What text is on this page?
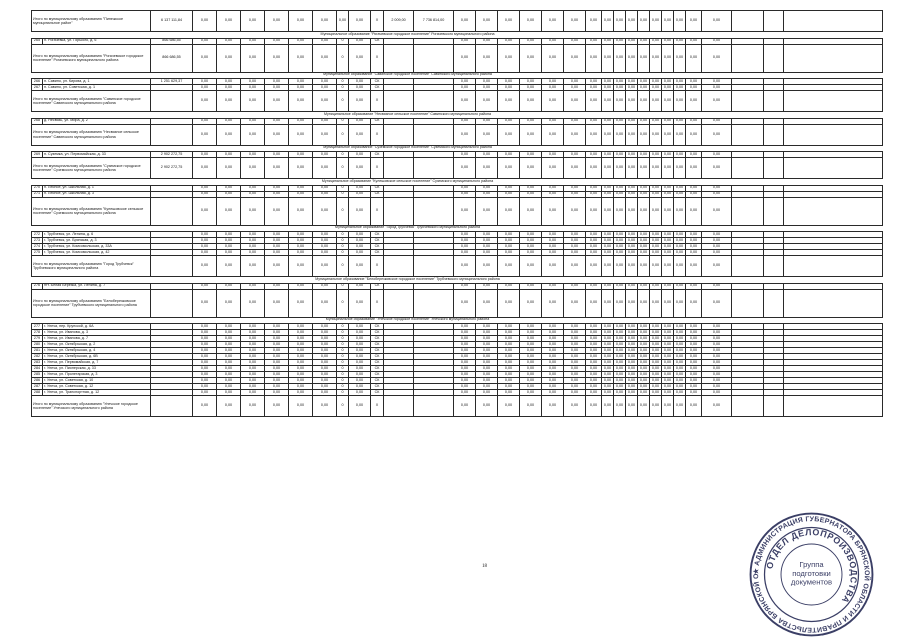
Итого по муниципальному образованию "Пинежское муниципальное район"		6 137 111,84	0,00	0,00	0,00	0,00	0,00	0,00	0,00	0,00	X	2 009,00	7 736 814,00	0,00	0,00	0,00	0,00	0,00	0,00	0,00	0,00	0,00	0,00	0,00	0,00	0,00	0,00	0,00	0,00			
Муниципальное образование "Рогачевское городское поселение" Рогачевского муниципального района																																
265	п. Рогачевка, ул. Горького, д. 6	866 686,55	0,00	0,00	0,00	0,00	0,00	0,00	0	0,00	СК			0,00	0,00	0,00	0,00	0,00	0,00	0,00	0,00	0,00	0,00	0,00	0,00	0,00	0,00	0,00	0,00			
Итого по муниципальному образованию "Рогачевское городское поселение" Рогачевского муниципального района		866 686,55	0,00	0,00	0,00	0,00	0,00	0,00	0	0,00	X			0,00	0,00	0,00	0,00	0,00	0,00	0,00	0,00	0,00	0,00	0,00	0,00	0,00	0,00	0,00	0,00			
Муниципальное образование "Савинское городское поселение" Савинского муниципального района																																
266	п. Савино, ул. Кирова, д. 1	1 251 629,37	0,00	0,00	0,00	0,00	0,00	0,00	0	0,00	СК			0,00	0,00	0,00	0,00	0,00	0,00	0,00	0,00	0,00	0,00	0,00	0,00	0,00	0,00	0,00	0,00			
267	п. Савино, ул. Советская, д. 1		0,00	0,00	0,00	0,00	0,00	0,00	0	0,00	СК			0,00	0,00	0,00	0,00	0,00	0,00	0,00	0,00	0,00	0,00	0,00	0,00	0,00	0,00	0,00	0,00			
Итого по муниципальному образованию "Савинское городское поселение" Савинского муниципального района			0,00	0,00	0,00	0,00	0,00	0,00	0	0,00	X			0,00	0,00	0,00	0,00	0,00	0,00	0,00	0,00	0,00	0,00	0,00	0,00	0,00	0,00	0,00	0,00			
Муниципальное образование "Несвязное сельское поселение" Савинского муниципального района																																
268	д. Несвязь, ул. Мира, д. 2		0,00	0,00	0,00	0,00	0,00	0,00	0	0,00	СК			0,00	0,00	0,00	0,00	0,00	0,00	0,00	0,00	0,00	0,00	0,00	0,00	0,00	0,00	0,00	0,00			
Итого по муниципальному образованию "Несвязное сельское поселение" Савинского муниципального района			0,00	0,00	0,00	0,00	0,00	0,00	0	0,00	X			0,00	0,00	0,00	0,00	0,00	0,00	0,00	0,00	0,00	0,00	0,00	0,00	0,00	0,00	0,00	0,00			
Муниципальное образование "Суземское городское поселение" Суземского муниципального района																																
269	п. Суземка, ул. Первомайская, д. 33	2 902 272,75	0,00	0,00	0,00	0,00	0,00	0,00	0	0,00	СК			0,00	0,00	0,00	0,00	0,00	0,00	0,00	0,00	0,00	0,00	0,00	0,00	0,00	0,00	0,00	0,00			
Итого по муниципальному образованию "Суземское городское поселение" Суземского муниципального района		2 902 272,75	0,00	0,00	0,00	0,00	0,00	0,00	0	0,00	X			0,00	0,00	0,00	0,00	0,00	0,00	0,00	0,00	0,00	0,00	0,00	0,00	0,00	0,00	0,00	0,00			
Муниципальное образование "Кулешовское сельское поселение" Суземского муниципального района																																
270	п. Лесное, ул. Школьная, д. 1		0,00	0,00	0,00	0,00	0,00	0,00	0	0,00	СК			0,00	0,00	0,00	0,00	0,00	0,00	0,00	0,00	0,00	0,00	0,00	0,00	0,00	0,00	0,00	0,00			
271	п. Лесное, ул. Школьная, д. 3		0,00	0,00	0,00	0,00	0,00	0,00	0	0,00	СК			0,00	0,00	0,00	0,00	0,00	0,00	0,00	0,00	0,00	0,00	0,00	0,00	0,00	0,00	0,00	0,00			
Итого по муниципальному образованию "Кулешовское сельское поселение" Суземского муниципального района			0,00	0,00	0,00	0,00	0,00	0,00	0	0,00	X			0,00	0,00	0,00	0,00	0,00	0,00	0,00	0,00	0,00	0,00	0,00	0,00	0,00	0,00	0,00	0,00			
Муниципальное образование "Город Трубчевск" Трубчевского муниципального района																																
272	г. Трубчевск, ул. Ленина, д. 6		0,00	0,00	0,00	0,00	0,00	0,00	0	0,00	СК			0,00	0,00	0,00	0,00	0,00	0,00	0,00	0,00	0,00	0,00	0,00	0,00	0,00	0,00	0,00	0,00			
273	г. Трубчевск, ул. Брянская, д. 3		0,00	0,00	0,00	0,00	0,00	0,00	0	0,00	СК			0,00	0,00	0,00	0,00	0,00	0,00	0,00	0,00	0,00	0,00	0,00	0,00	0,00	0,00	0,00	0,00			
274	г. Трубчевск, ул. Комсомольская, д. 33А		0,00	0,00	0,00	0,00	0,00	0,00	0	0,00	СК			0,00	0,00	0,00	0,00	0,00	0,00	0,00	0,00	0,00	0,00	0,00	0,00	0,00	0,00	0,00	0,00			
275	г. Трубчевск, ул. Комсомольская, д. 42		0,00	0,00	0,00	0,00	0,00	0,00	0	0,00	СК			0,00	0,00	0,00	0,00	0,00	0,00	0,00	0,00	0,00	0,00	0,00	0,00	0,00	0,00	0,00	0,00			
Итого по муниципальному образованию "Город Трубчевск" Трубчевского муниципального района			0,00	0,00	0,00	0,00	0,00	0,00	0	0,00	X			0,00	0,00	0,00	0,00	0,00	0,00	0,00	0,00	0,00	0,00	0,00	0,00	0,00	0,00	0,00	0,00			
Муниципальное образование "Белоберезковское городское поселение" Трубчевского муниципального района																																
276	пгт. Белая Березка, ул. Ленина, д. 7		0,00	0,00	0,00	0,00	0,00	0,00	0	0,00	СК			0,00	0,00	0,00	0,00	0,00	0,00	0,00	0,00	0,00	0,00	0,00	0,00	0,00	0,00	0,00	0,00			
Итого по муниципальному образованию "Белоберезковское городское поселение" Трубчевского муниципального района			0,00	0,00	0,00	0,00	0,00	0,00	0	0,00	X			0,00	0,00	0,00	0,00	0,00	0,00	0,00	0,00	0,00	0,00	0,00	0,00	0,00	0,00	0,00	0,00			
Муниципальное образование "Унечское городское поселение" Унечского муниципального района																																
277	г. Унеча, пер. Крупской, д. 6А		0,00	0,00	0,00	0,00	0,00	0,00	0	0,00	СК			0,00	0,00	0,00	0,00	0,00	0,00	0,00	0,00	0,00	0,00	0,00	0,00	0,00	0,00	0,00	0,00			
278	г. Унеча, ул. Иванова, д. 3		0,00	0,00	0,00	0,00	0,00	0,00	0	0,00	СК			0,00	0,00	0,00	0,00	0,00	0,00	0,00	0,00	0,00	0,00	0,00	0,00	0,00	0,00	0,00	0,00			
279	г. Унеча, ул. Иванова, д. 7		0,00	0,00	0,00	0,00	0,00	0,00	0	0,00	СК			0,00	0,00	0,00	0,00	0,00	0,00	0,00	0,00	0,00	0,00	0,00	0,00	0,00	0,00	0,00	0,00			
280	г. Унеча, ул. Октябрьская, д. 2		0,00	0,00	0,00	0,00	0,00	0,00	0	0,00	СК			0,00	0,00	0,00	0,00	0,00	0,00	0,00	0,00	0,00	0,00	0,00	0,00	0,00	0,00	0,00	0,00			
281	г. Унеча, ул. Октябрьская, д. 4		0,00	0,00	0,00	0,00	0,00	0,00	0	0,00	СК			0,00	0,00	0,00	0,00	0,00	0,00	0,00	0,00	0,00	0,00	0,00	0,00	0,00	0,00	0,00	0,00			
282	г. Унеча, ул. Октябрьская, д. 6В		0,00	0,00	0,00	0,00	0,00	0,00	0	0,00	СК			0,00	0,00	0,00	0,00	0,00	0,00	0,00	0,00	0,00	0,00	0,00	0,00	0,00	0,00	0,00	0,00			
283	г. Унеча, ул. Первомайская, д. 7		0,00	0,00	0,00	0,00	0,00	0,00	0	0,00	СК			0,00	0,00	0,00	0,00	0,00	0,00	0,00	0,00	0,00	0,00	0,00	0,00	0,00	0,00	0,00	0,00			
284	г. Унеча, ул. Пионерская, д. 33		0,00	0,00	0,00	0,00	0,00	0,00	0	0,00	СК			0,00	0,00	0,00	0,00	0,00	0,00	0,00	0,00	0,00	0,00	0,00	0,00	0,00	0,00	0,00	0,00			
285	г. Унеча, ул. Пролетарская, д. 3		0,00	0,00	0,00	0,00	0,00	0,00	0	0,00	СК			0,00	0,00	0,00	0,00	0,00	0,00	0,00	0,00	0,00	0,00	0,00	0,00	0,00	0,00	0,00	0,00			
286	г. Унеча, ул. Советская, д. 10		0,00	0,00	0,00	0,00	0,00	0,00	0	0,00	СК			0,00	0,00	0,00	0,00	0,00	0,00	0,00	0,00	0,00	0,00	0,00	0,00	0,00	0,00	0,00	0,00			
287	г. Унеча, ул. Советская, д. 12		0,00	0,00	0,00	0,00	0,00	0,00	0	0,00	СК			0,00	0,00	0,00	0,00	0,00	0,00	0,00	0,00	0,00	0,00	0,00	0,00	0,00	0,00	0,00	0,00			
288	г. Унеча, ул. Транспортная, д. 12		0,00	0,00	0,00	0,00	0,00	0,00	0	0,00	СК			0,00	0,00	0,00	0,00	0,00	0,00	0,00	0,00	0,00	0,00	0,00	0,00	0,00	0,00	0,00	0,00			
Итого по муниципальному образованию "Унечское городское поселение" Унечского муниципального района			0,00	0,00	0,00	0,00	0,00	0,00	0	0,00	X			0,00	0,00	0,00	0,00	0,00	0,00	0,00	0,00	0,00	0,00	0,00	0,00	0,00	0,00	0,00	0,00			
18
★ АДМИНИСТРАЦИЯ ГУБЕРНАТОРА БРЯНСКОЙ ОБЛАСТИ И ПРАВИТЕЛЬСТВА БРЯНСКОЙ О
ОТДЕЛ ДЕЛОПРОИЗВОДСТВА
Группа подготовки документов
